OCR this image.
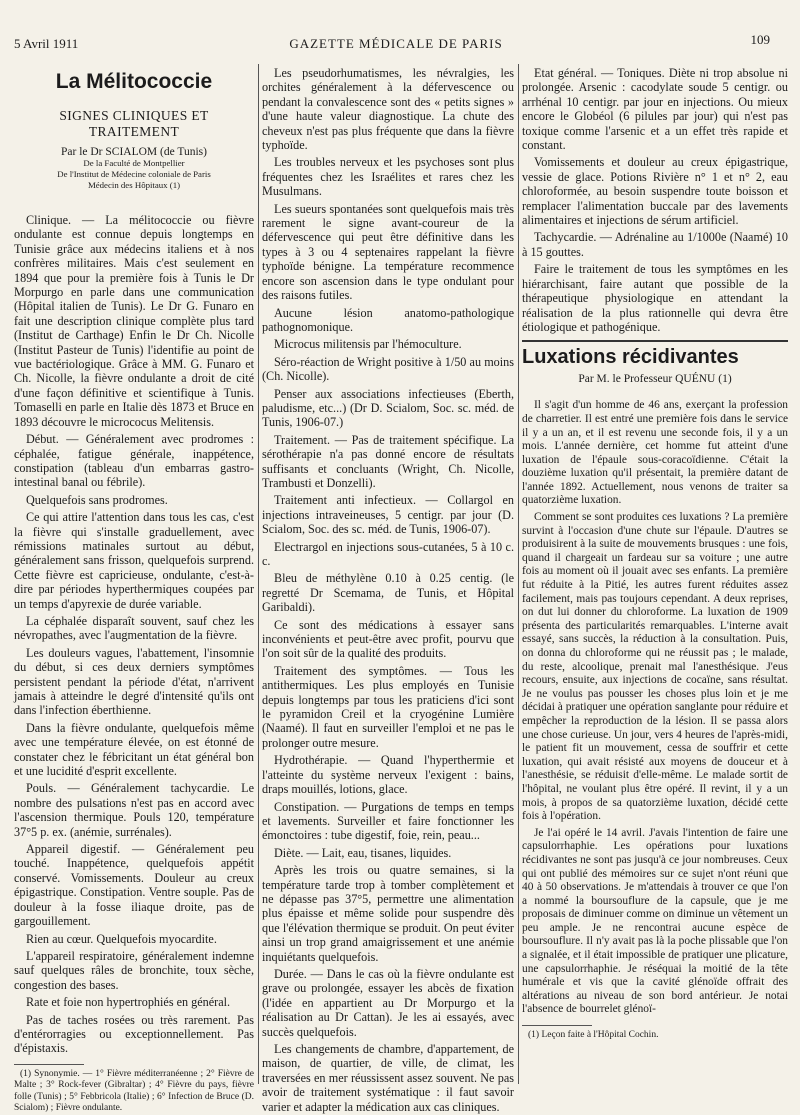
5 Avril 1911	GAZETTE MÉDICALE DE PARIS	109
La Mélitococcie
SIGNES CLINIQUES ET TRAITEMENT
Par le Dr SCIALOM (de Tunis)
De la Faculté de Montpellier
De l'Institut de Médecine coloniale de Paris
Médecin des Hôpitaux (1)

Clinique. — La mélitococcie ou fièvre ondulante est connue depuis longtemps en Tunisie grâce aux médecins italiens et à nos confrères militaires. Mais c'est seulement en 1894 que pour la première fois à Tunis le Dr Morpurgo en parle dans une communication (Hôpital italien de Tunis). Le Dr G. Funaro en fait une description clinique complète plus tard (Institut de Carthage) Enfin le Dr Ch. Nicolle (Institut Pasteur de Tunis) l'identifie au point de vue bactériologique. Grâce à MM. G. Funaro et Ch. Nicolle, la fièvre ondulante a droit de cité d'une façon définitive et scientifique à Tunis. Tomaselli en parle en Italie dès 1873 et Bruce en 1893 découvre le micrococus Melitensis.

Début. — Généralement avec prodromes : céphalée, fatigue générale, inappétence, constipation (tableau d'un embarras gastro-intestinal banal ou fébrile).

Quelquefois sans prodromes.

Ce qui attire l'attention dans tous les cas, c'est la fièvre qui s'installe graduellement, avec rémissions matinales surtout au début, généralement sans frisson, quelquefois surprend. Cette fièvre est capricieuse, ondulante, c'est-à-dire par périodes hyperthermiques coupées par un temps d'apyrexie de durée variable.

La céphalée disparaît souvent, sauf chez les névropathes, avec l'augmentation de la fièvre.

Les douleurs vagues, l'abattement, l'insomnie du début, si ces deux derniers symptômes persistent pendant la période d'état, n'arrivent jamais à atteindre le degré d'intensité qu'ils ont dans l'infection éberthienne.

Dans la fièvre ondulante, quelquefois même avec une température élevée, on est étonné de constater chez le fébricitant un état général bon et une lucidité d'esprit excellente.

Pouls. — Généralement tachycardie. Le nombre des pulsations n'est pas en accord avec l'ascension thermique. Pouls 120, température 37°5 p. ex. (anémie, surrénales).

Appareil digestif. — Généralement peu touché. Inappétence, quelquefois appétit conservé. Vomissements. Douleur au creux épigastrique. Constipation. Ventre souple. Pas de douleur à la fosse iliaque droite, pas de gargouillement.

Rien au cœur. Quelquefois myocardite.

L'appareil respiratoire, généralement indemne sauf quelques râles de bronchite, toux sèche, congestion des bases.

Rate et foie non hypertrophiés en général.

Pas de taches rosées ou très rarement. Pas d'entérorragies ou exceptionnellement. Pas d'épistaxis.

(1) Synonymie. — 1° Fièvre méditerranéenne ; 2° Fièvre de Malte ; 3° Rock-fever (Gibraltar) ; 4° Fièvre du pays, fièvre folle (Tunis) ; 5° Febbricola (Italie) ; 6° Infection de Bruce (D. Scialom) ; Fièvre ondulante.

Les pseudorhumatismes, les névralgies, les orchites généralement à la défervescence ou pendant la convalescence sont des « petits signes » d'une haute valeur diagnostique. La chute des cheveux n'est pas plus fréquente que dans la fièvre typhoïde.

Les troubles nerveux et les psychoses sont plus fréquentes chez les Israélites et rares chez les Musulmans.

Les sueurs spontanées sont quelquefois mais très rarement le signe avant-coureur de la défervescence qui peut être définitive dans les types à 3 ou 4 septenaires rappelant la fièvre typhoïde bénigne. La température recommence encore son ascension dans le type ondulant pour des raisons futiles.

Aucune lésion anatomo-pathologique pathognomonique.

Microcus militensis par l'hémoculture.

Séro-réaction de Wright positive à 1/50 au moins (Ch. Nicolle).

Penser aux associations infectieuses (Eberth, paludisme, etc...) (Dr D. Scialom, Soc. sc. méd. de Tunis, 1906-07.)

Traitement. — Pas de traitement spécifique. La sérothérapie n'a pas donné encore de résultats suffisants et concluants (Wright, Ch. Nicolle, Trambusti et Donzelli).

Traitement anti infectieux. — Collargol en injections intraveineuses, 5 centigr. par jour (D. Scialom, Soc. des sc. méd. de Tunis, 1906-07).

Electrargol en injections sous-cutanées, 5 à 10 c. c.

Bleu de méthylène 0.10 à 0.25 centig. (le regretté Dr Scemama, de Tunis, et Hôpital Garibaldi).

Ce sont des médications à essayer sans inconvénients et peut-être avec profit, pourvu que l'on soit sûr de la qualité des produits.

Traitement des symptômes. — Tous les antithermiques. Les plus employés en Tunisie depuis longtemps par tous les praticiens d'ici sont le pyramidon Creil et la cryogénine Lumière (Naamé). Il faut en surveiller l'emploi et ne pas le prolonger outre mesure.

Hydrothérapie. — Quand l'hyperthermie et l'atteinte du système nerveux l'exigent : bains, draps mouillés, lotions, glace.

Constipation. — Purgations de temps en temps et lavements. Surveiller et faire fonctionner les émonctoires : tube digestif, foie, rein, peau...

Diète. — Lait, eau, tisanes, liquides.

Après les trois ou quatre semaines, si la température tarde trop à tomber complètement et ne dépasse pas 37°5, permettre une alimentation plus épaisse et même solide pour suspendre dès que l'élévation thermique se produit. On peut éviter ainsi un trop grand amaigrissement et une anémie inquiétants quelquefois.

Durée. — Dans le cas où la fièvre ondulante est grave ou prolongée, essayer les abcès de fixation (l'idée en appartient au Dr Morpurgo et la réalisation au Dr Cattan). Je les ai essayés, avec succès quelquefois.

Les changements de chambre, d'appartement, de maison, de quartier, de ville, de climat, les traversées en mer réussissent assez souvent. Ne pas avoir de traitement systématique : il faut savoir varier et adapter la médication aux cas cliniques.

Etat général. — Toniques. Diète ni trop absolue ni prolongée. Arsenic : cacodylate soude 5 centigr. ou arrhénal 10 centigr. par jour en injections. Ou mieux encore le Globéol (6 pilules par jour) qui n'est pas toxique comme l'arsenic et a un effet très rapide et constant.

Vomissements et douleur au creux épigastrique, vessie de glace. Potions Rivière n° 1 et n° 2, eau chloroformée, au besoin suspendre toute boisson et remplacer l'alimentation buccale par des lavements alimentaires et injections de sérum artificiel.

Tachycardie. — Adrénaline au 1/1000e (Naamé) 10 à 15 gouttes.

Faire le traitement de tous les symptômes en les hiérarchisant, faire autant que possible de la thérapeutique physiologique en attendant la réalisation de la plus rationnelle qui devra être étiologique et pathogénique.

Luxations récidivantes
Par M. le Professeur QUÉNU (1)

Il s'agit d'un homme de 46 ans, exerçant la profession de charretier. Il est entré une première fois dans le service il y a un an, et il est revenu une seconde fois, il y a un mois. L'année dernière, cet homme fut atteint d'une luxation de l'épaule sous-coracoïdienne. C'était la douzième luxation qu'il présentait, la première datant de l'année 1892. Actuellement, nous venons de traiter sa quatorzième luxation.

Comment se sont produites ces luxations ? La première survint à l'occasion d'une chute sur l'épaule. D'autres se produisirent à la suite de mouvements brusques : une fois, quand il chargeait un fardeau sur sa voiture ; une autre fois au moment où il jouait avec ses enfants. La première fut réduite à la Pitié, les autres furent réduites assez facilement, mais pas toujours cependant. A deux reprises, on dut lui donner du chloroforme. La luxation de 1909 présenta des particularités remarquables. L'interne avait essayé, sans succès, la réduction à la consultation. Puis, on donna du chloroforme qui ne réussit pas ; le malade, du reste, alcoolique, prenait mal l'anesthésique. J'eus recours, ensuite, aux injections de cocaïne, sans résultat. Je ne voulus pas pousser les choses plus loin et je me décidai à pratiquer une opération sanglante pour réduire et empêcher la reproduction de la lésion. Il se passa alors une chose curieuse. Un jour, vers 4 heures de l'après-midi, le patient fit un mouvement, cessa de souffrir et cette luxation, qui avait résisté aux moyens de douceur et à l'anesthésie, se réduisit d'elle-même. Le malade sortit de l'hôpital, ne voulant plus être opéré. Il revint, il y a un mois, à propos de sa quatorzième luxation, décidé cette fois à l'opération.

Je l'ai opéré le 14 avril. J'avais l'intention de faire une capsulorrhaphie. Les opérations pour luxations récidivantes ne sont pas jusqu'à ce jour nombreuses. Ceux qui ont publié des mémoires sur ce sujet n'ont réuni que 40 à 50 observations. Je m'attendais à trouver ce que l'on a nommé la boursouflure de la capsule, que je me proposais de diminuer comme on diminue un vêtement un peu ample. Je ne rencontrai aucune espèce de boursouflure. Il n'y avait pas là la poche plissable que l'on a signalée, et il était impossible de pratiquer une plicature, une capsulorrhaphie. Je réséquai la moitié de la tête humérale et vis que la cavité glénoïde offrait des altérations au niveau de son bord antérieur. Je notai l'absence de bourrelet glénoï-

(1) Leçon faite à l'Hôpital Cochin.
